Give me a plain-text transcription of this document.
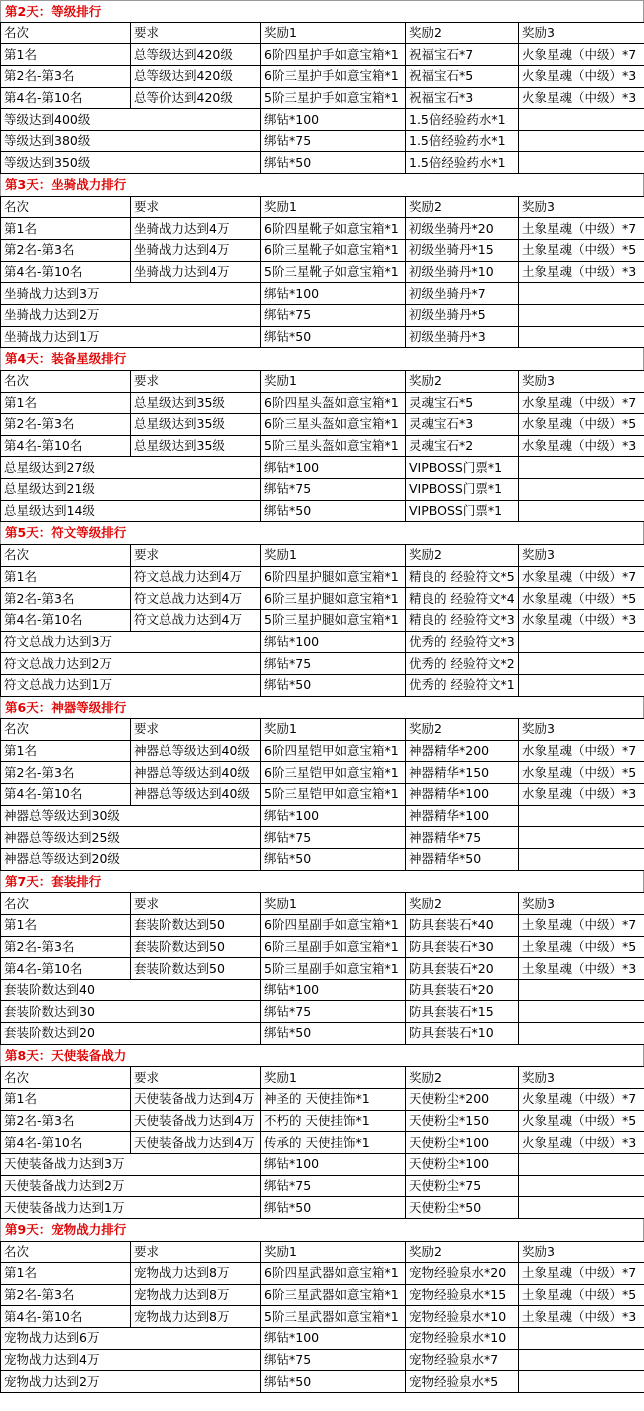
第2天：等级排行
名次	要求	奖励1	奖励2	奖励3
第1名	总等级达到420级	6阶四星护手如意宝箱*1	祝福宝石*7	火象星魂（中级）*7
第2名-第3名	总等级达到420级	6阶三星护手如意宝箱*1	祝福宝石*5	火象星魂（中级）*3
第4名-第10名	总等价达到420级	5阶三星护手如意宝箱*1	祝福宝石*3	火象星魂（中级）*3
等级达到400级		绑钻*100	1.5倍经验药水*1	
等级达到380级		绑钻*75	1.5倍经验药水*1	
等级达到350级		绑钻*50	1.5倍经验药水*1	
第3天：坐骑战力排行
名次	要求	奖励1	奖励2	奖励3
第1名	坐骑战力达到4万	6阶四星靴子如意宝箱*1	初级坐骑丹*20	土象星魂（中级）*7
第2名-第3名	坐骑战力达到4万	6阶三星靴子如意宝箱*1	初级坐骑丹*15	土象星魂（中级）*5
第4名-第10名	坐骑战力达到4万	5阶三星靴子如意宝箱*1	初级坐骑丹*10	土象星魂（中级）*3
坐骑战力达到3万		绑钻*100	初级坐骑丹*7	
坐骑战力达到2万		绑钻*75	初级坐骑丹*5	
坐骑战力达到1万		绑钻*50	初级坐骑丹*3	
第4天：装备星级排行
名次	要求	奖励1	奖励2	奖励3
第1名	总星级达到35级	6阶四星头盔如意宝箱*1	灵魂宝石*5	水象星魂（中级）*7
第2名-第3名	总星级达到35级	6阶三星头盔如意宝箱*1	灵魂宝石*3	水象星魂（中级）*5
第4名-第10名	总星级达到35级	5阶三星头盔如意宝箱*1	灵魂宝石*2	水象星魂（中级）*3
总星级达到27级		绑钻*100	VIPBOSS门票*1	
总星级达到21级		绑钻*75	VIPBOSS门票*1	
总星级达到14级		绑钻*50	VIPBOSS门票*1	
第5天：符文等级排行
名次	要求	奖励1	奖励2	奖励3
第1名	符文总战力达到4万	6阶四星护腿如意宝箱*1	精良的 经验符文*5	水象星魂（中级）*7
第2名-第3名	符文总战力达到4万	6阶三星护腿如意宝箱*1	精良的 经验符文*4	水象星魂（中级）*5
第4名-第10名	符文总战力达到4万	5阶三星护腿如意宝箱*1	精良的 经验符文*3	水象星魂（中级）*3
符文总战力达到3万		绑钻*100	优秀的 经验符文*3	
符文总战力达到2万		绑钻*75	优秀的 经验符文*2	
符文总战力达到1万		绑钻*50	优秀的 经验符文*1	
第6天：神器等级排行
名次	要求	奖励1	奖励2	奖励3
第1名	神器总等级达到40级	6阶四星铠甲如意宝箱*1	神器精华*200	水象星魂（中级）*7
第2名-第3名	神器总等级达到40级	6阶三星铠甲如意宝箱*1	神器精华*150	水象星魂（中级）*5
第4名-第10名	神器总等级达到40级	5阶三星铠甲如意宝箱*1	神器精华*100	水象星魂（中级）*3
神器总等级达到30级		绑钻*100	神器精华*100	
神器总等级达到25级		绑钻*75	神器精华*75	
神器总等级达到20级		绑钻*50	神器精华*50	
第7天：套装排行
名次	要求	奖励1	奖励2	奖励3
第1名	套装阶数达到50	6阶四星副手如意宝箱*1	防具套装石*40	土象星魂（中级）*7
第2名-第3名	套装阶数达到50	6阶三星副手如意宝箱*1	防具套装石*30	土象星魂（中级）*5
第4名-第10名	套装阶数达到50	5阶三星副手如意宝箱*1	防具套装石*20	土象星魂（中级）*3
套装阶数达到40		绑钻*100	防具套装石*20	
套装阶数达到30		绑钻*75	防具套装石*15	
套装阶数达到20		绑钻*50	防具套装石*10	
第8天：天使装备战力
名次	要求	奖励1	奖励2	奖励3
第1名	天使装备战力达到4万	神圣的 天使挂饰*1	天使粉尘*200	火象星魂（中级）*7
第2名-第3名	天使装备战力达到4万	不朽的 天使挂饰*1	天使粉尘*150	火象星魂（中级）*5
第4名-第10名	天使装备战力达到4万	传承的 天使挂饰*1	天使粉尘*100	火象星魂（中级）*3
天使装备战力达到3万		绑钻*100	天使粉尘*100	
天使装备战力达到2万		绑钻*75	天使粉尘*75	
天使装备战力达到1万		绑钻*50	天使粉尘*50	
第9天：宠物战力排行
名次	要求	奖励1	奖励2	奖励3
第1名	宠物战力达到8万	6阶四星武器如意宝箱*1	宠物经验泉水*20	土象星魂（中级）*7
第2名-第3名	宠物战力达到8万	6阶三星武器如意宝箱*1	宠物经验泉水*15	土象星魂（中级）*5
第4名-第10名	宠物战力达到8万	5阶三星武器如意宝箱*1	宠物经验泉水*10	土象星魂（中级）*3
宠物战力达到6万		绑钻*100	宠物经验泉水*10	
宠物战力达到4万		绑钻*75	宠物经验泉水*7	
宠物战力达到2万		绑钻*50	宠物经验泉水*5	
